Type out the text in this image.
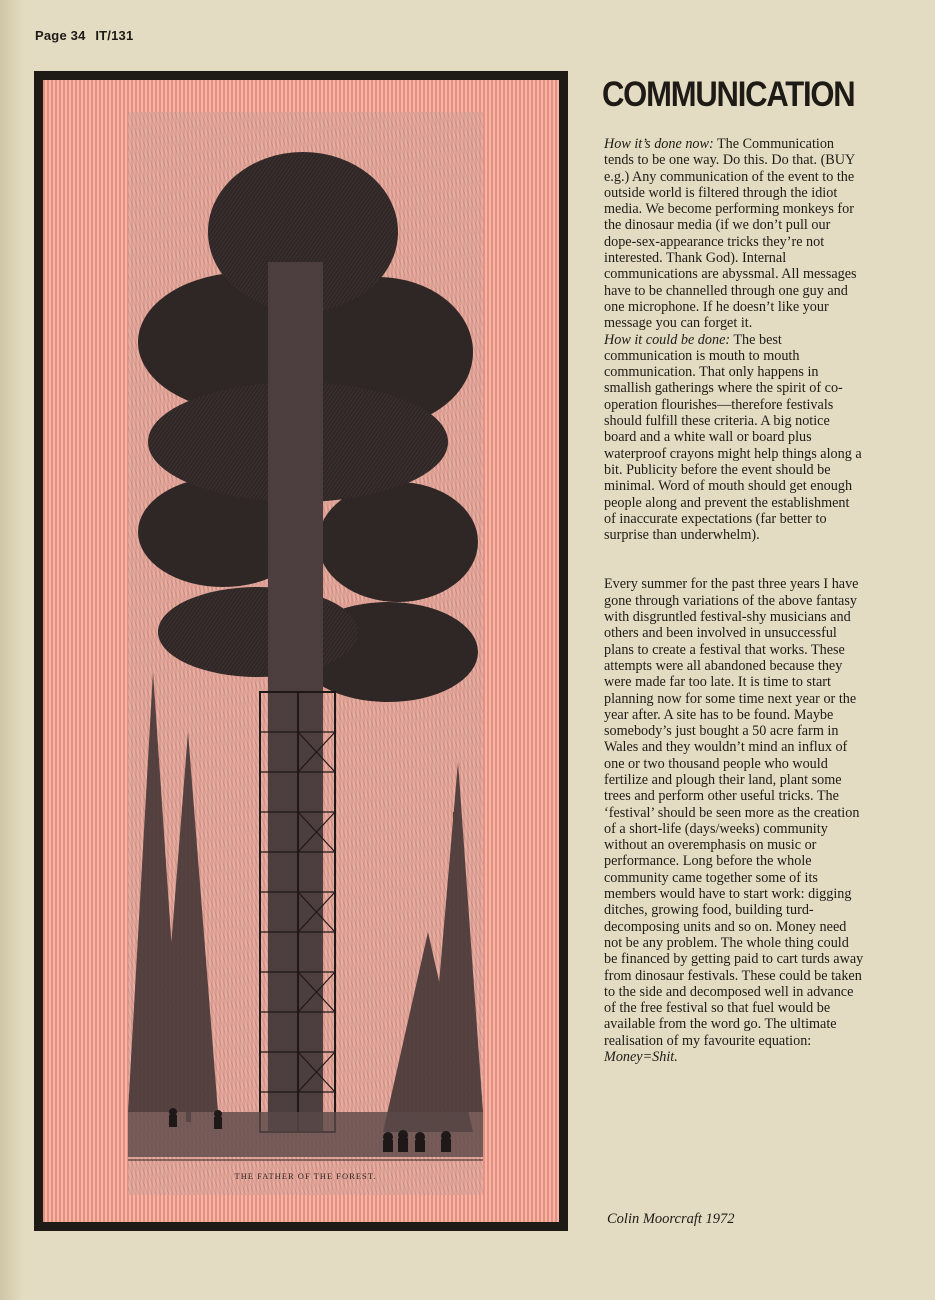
Page 34 IT/131
THE FATHER OF THE FOREST.
COMMUNICATION

How it’s done now: The Communication tends to be one way. Do this. Do that. (BUY e.g.) Any communication of the event to the outside world is filtered through the idiot media. We become performing monkeys for the dinosaur media (if we don’t pull our dope-sex-appearance tricks they’re not interested. Thank God). Internal communications are abyssmal. All messages have to be channelled through one guy and one microphone. If he doesn’t like your message you can forget it.

How it could be done: The best communication is mouth to mouth communication. That only happens in smallish gatherings where the spirit of co-operation flourishes—therefore festivals should fulfill these criteria. A big notice board and a white wall or board plus waterproof crayons might help things along a bit. Publicity before the event should be minimal. Word of mouth should get enough people along and prevent the establishment of inaccurate expectations (far better to surprise than underwhelm).

Every summer for the past three years I have gone through variations of the above fantasy with disgruntled festival-shy musicians and others and been involved in unsuccessful plans to create a festival that works. These attempts were all abandoned because they were made far too late. It is time to start planning now for some time next year or the year after. A site has to be found. Maybe somebody’s just bought a 50 acre farm in Wales and they wouldn’t mind an influx of one or two thousand people who would fertilize and plough their land, plant some trees and perform other useful tricks. The ‘festival’ should be seen more as the creation of a short-life (days/weeks) community without an overemphasis on music or performance. Long before the whole community came together some of its members would have to start work: digging ditches, growing food, building turd-decomposing units and so on. Money need not be any problem. The whole thing could be financed by getting paid to cart turds away from dinosaur festivals. These could be taken to the side and decomposed well in advance of the free festival so that fuel would be available from the word go. The ultimate realisation of my favourite equation: Money=Shit.

Colin Moorcraft 1972
